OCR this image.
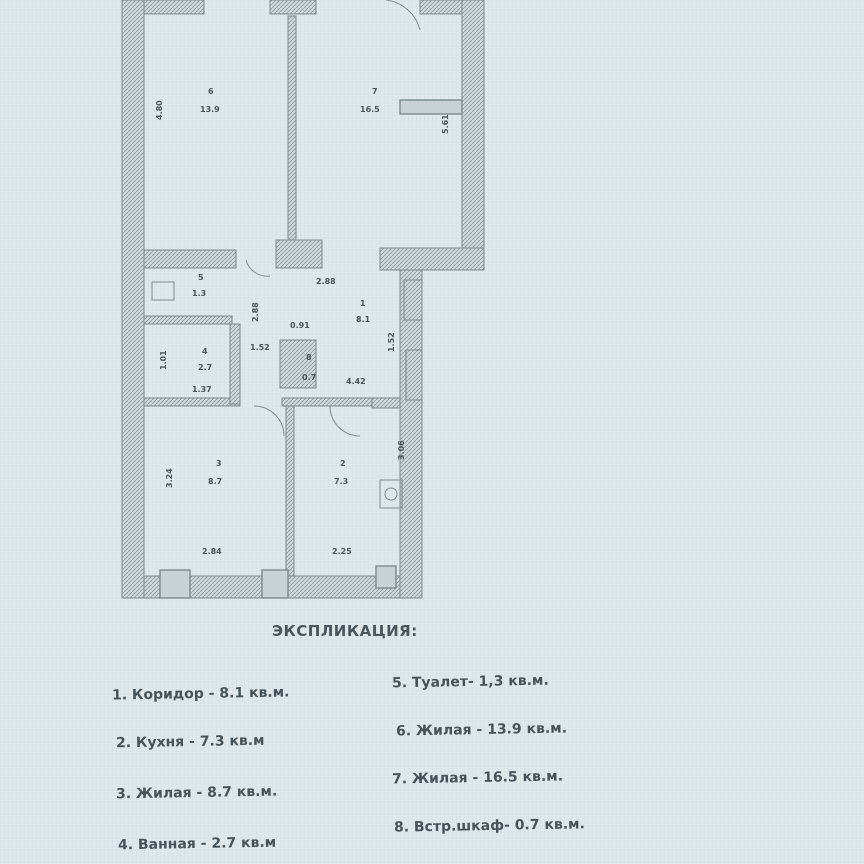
6
13.9
7
16.5
5
1.3
1
8.1
4
2.7
8
0.7
3
8.7
2
7.3
4.80
5.61
2.88
2.88
0.91
1.52
1.52
1.01
1.37
4.42
3.06
3.24
2.84	2.25
ЭКСПЛИКАЦИЯ:
1. Коридор - 8.1 кв.м.
2. Кухня - 7.3 кв.м
3. Жилая - 8.7 кв.м.
4. Ванная - 2.7 кв.м
5. Туалет- 1,3 кв.м.
6. Жилая - 13.9 кв.м.
7. Жилая - 16.5 кв.м.
8. Встр.шкаф- 0.7 кв.м.
